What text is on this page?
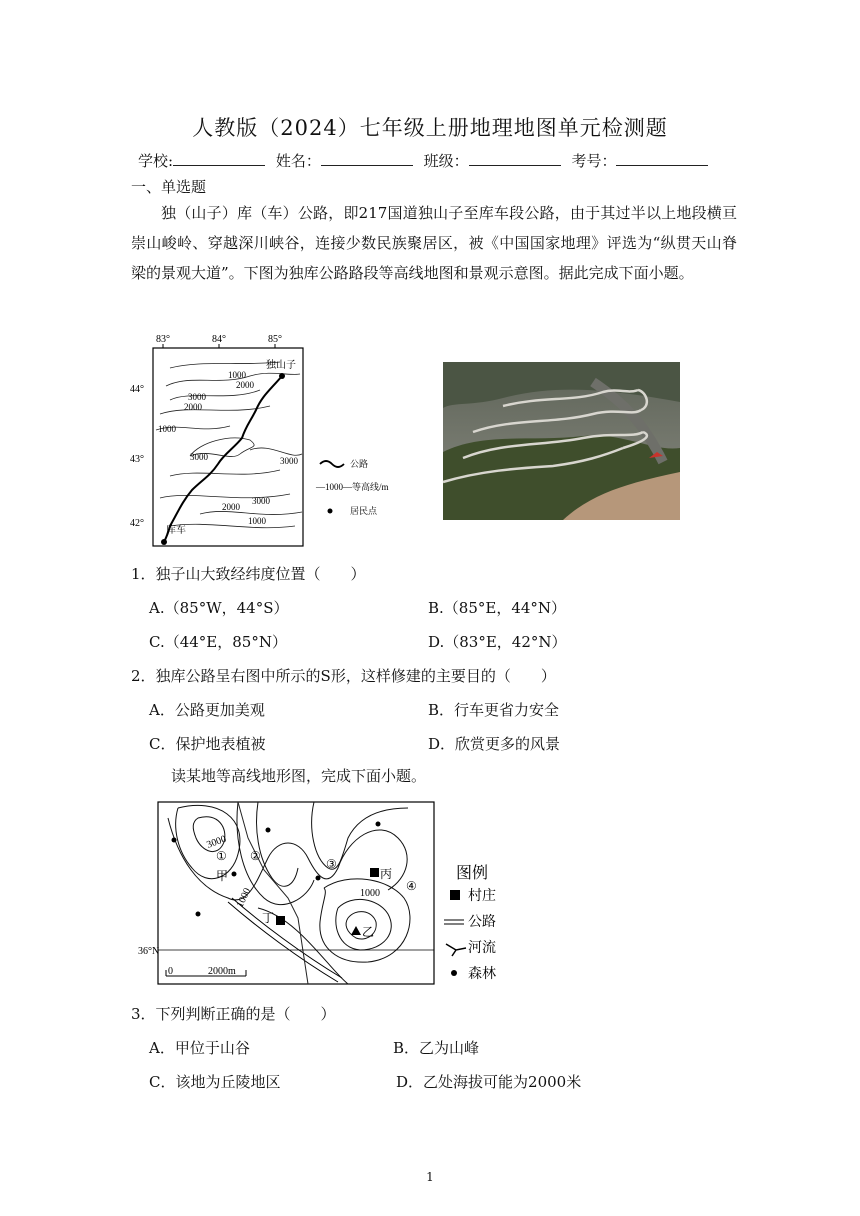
人教版（2024）七年级上册地理地图单元检测题
学校:	姓名：	班级：	考号：
一、单选题
独（山子）库（车）公路，即217国道独山子至库车段公路，由于其过半以上地段横亘崇山峻岭、穿越深川峡谷，连接少数民族聚居区，被《中国国家地理》评选为“纵贯天山脊梁的景观大道”。下图为独库公路路段等高线地图和景观示意图。据此完成下面小题。
83°	84°	85°
44°
43°
42°
1000
2000
3000
2000
1000
3000	3000
3000
2000
1000
独山子
库车
公路
—1000—等高线/m
居民点
1．独子山大致经纬度位置（　　）
A.（85°W，44°S）	B.（85°E，44°N）
C.（44°E，85°N）	D.（83°E，42°N）
2．独库公路呈右图中所示的S形，这样修建的主要目的（　　）
A．公路更加美观	B．行车更省力安全
C．保护地表植被	D．欣赏更多的风景
读某地等高线地形图，完成下面小题。
36°N
3000
1000	1000
① ②
③
④
甲
乙
丙
丁
0	2000m
图例
村庄
公路
河流
森林
3．下列判断正确的是（　　）
A．甲位于山谷	B．乙为山峰
C．该地为丘陵地区	D．乙处海拔可能为2000米
1
